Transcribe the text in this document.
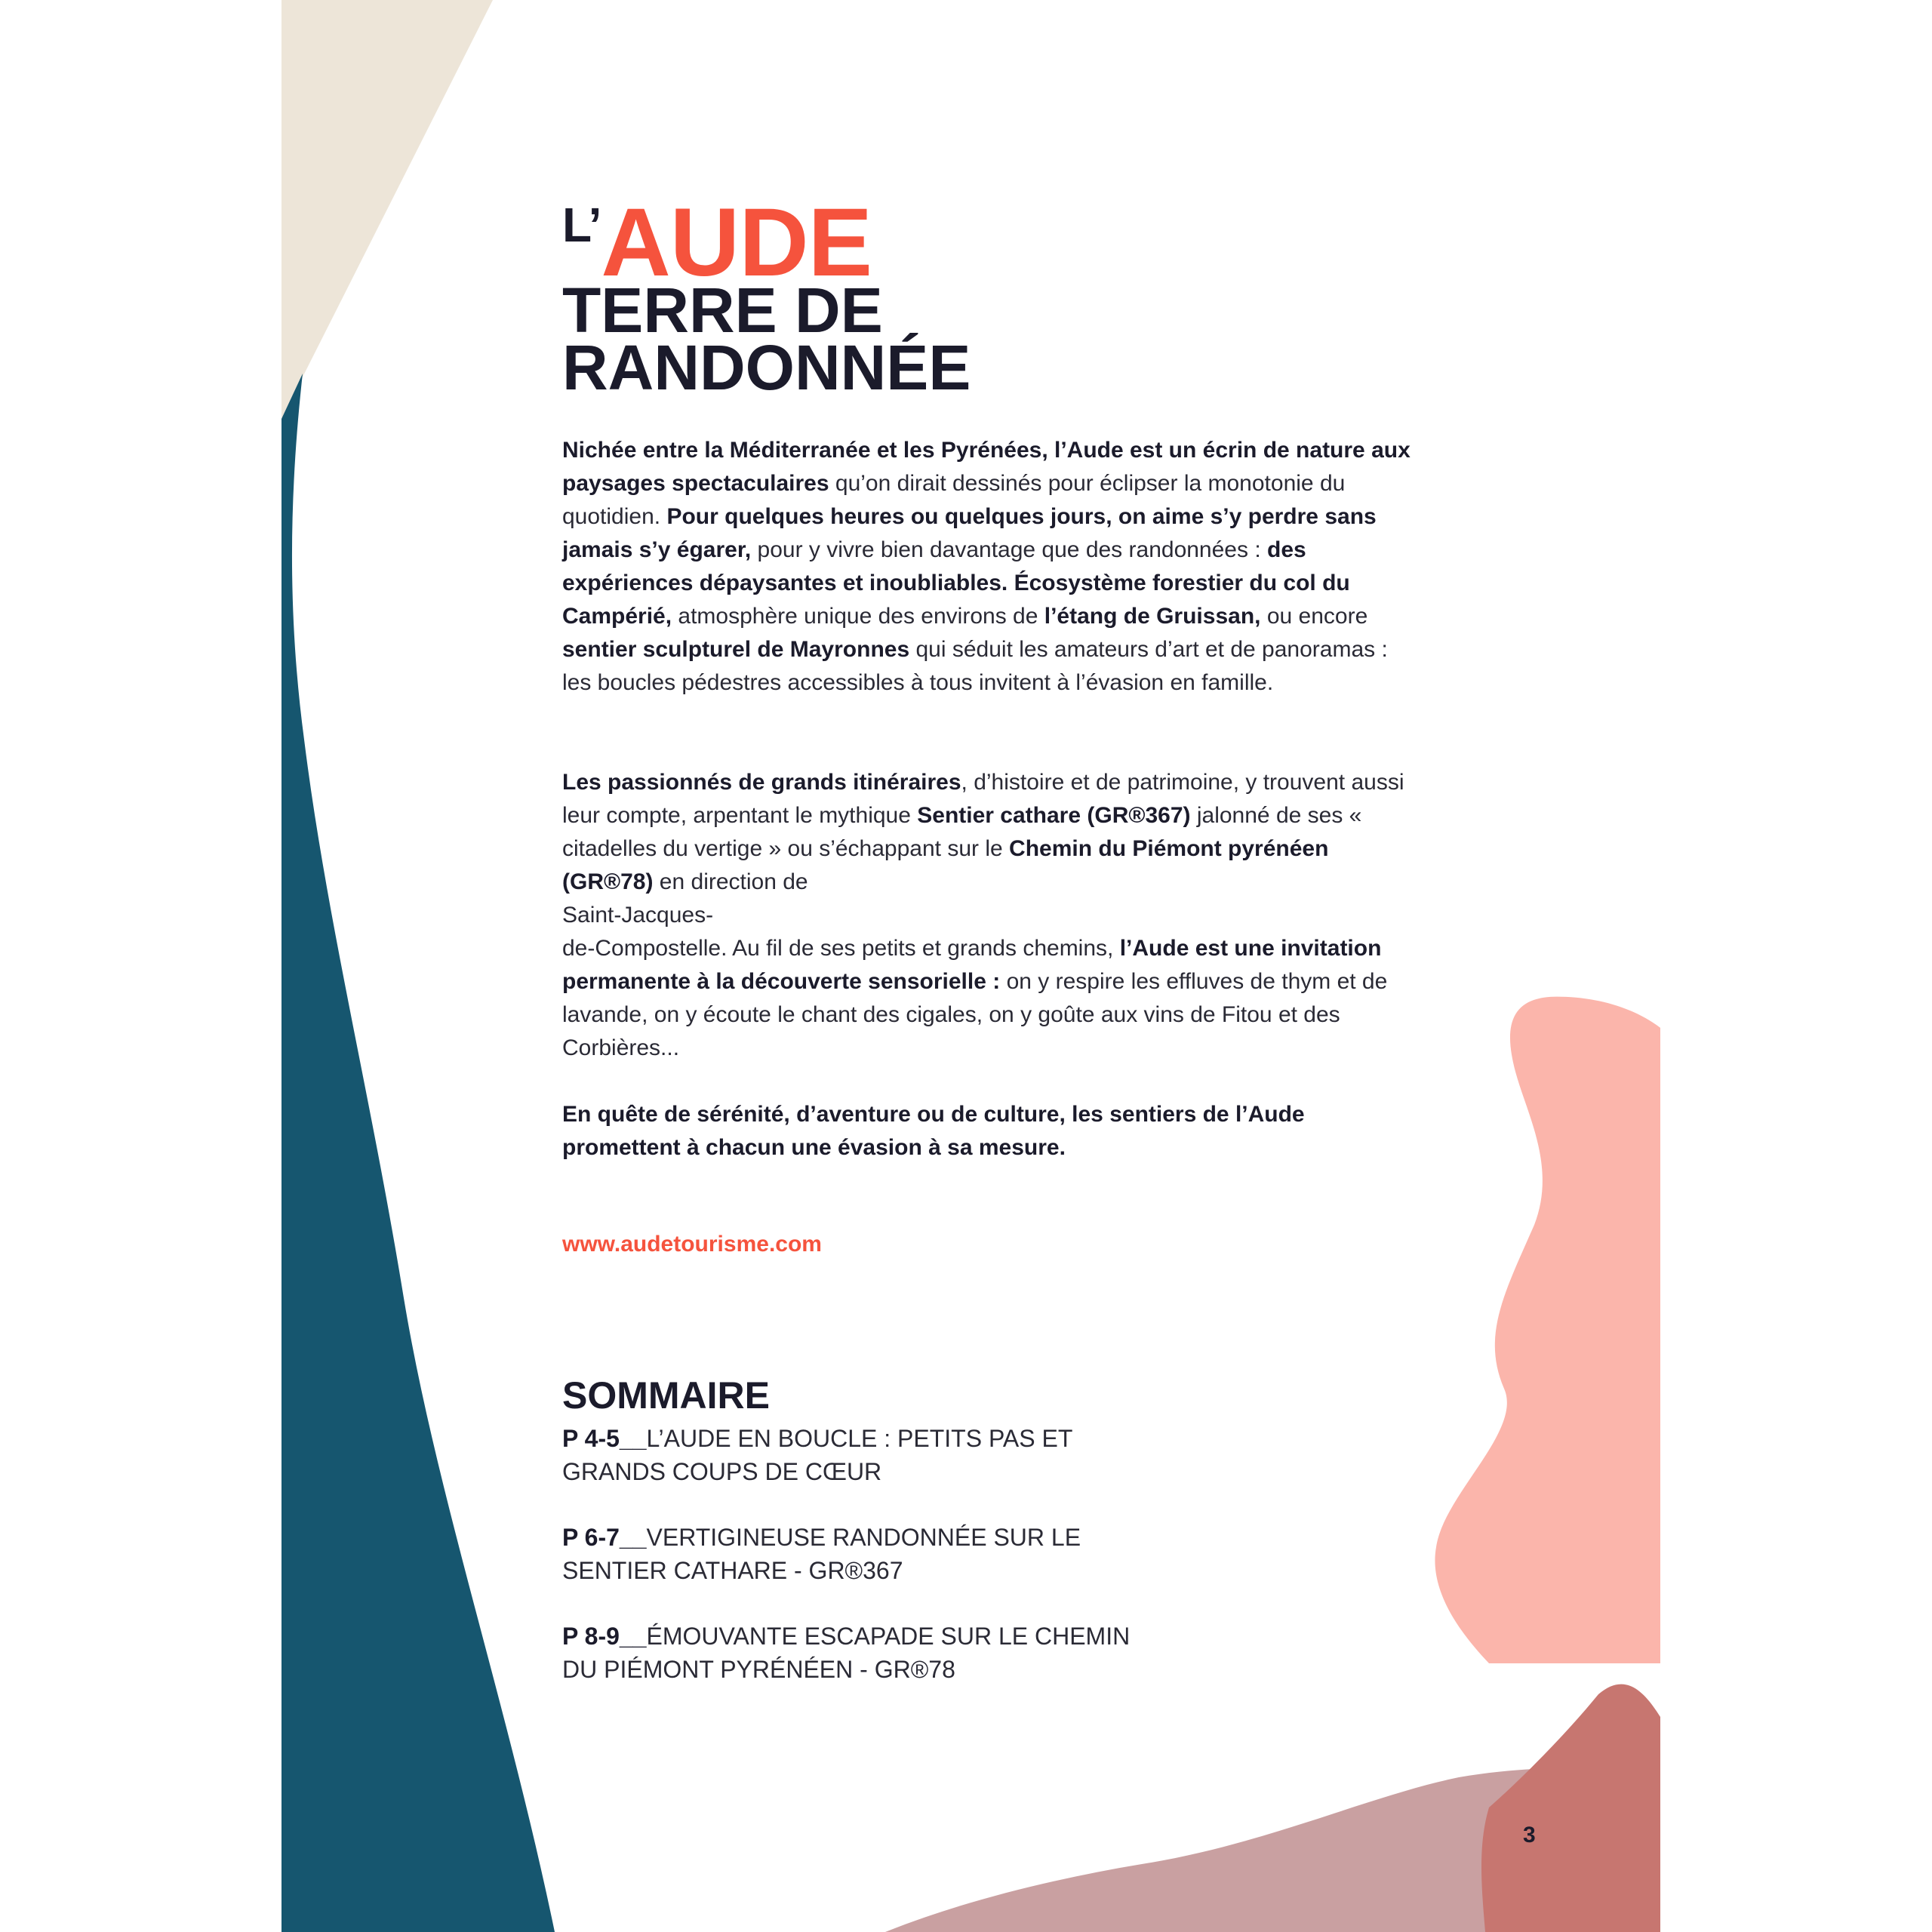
L’AUDE
TERRE DE
RANDONNÉE

Nichée entre la Méditerranée et les Pyrénées, l’Aude est un écrin de nature aux paysages spectaculaires qu’on dirait dessinés pour éclipser la monotonie du quotidien. Pour quelques heures ou quelques jours, on aime s’y perdre sans jamais s’y égarer, pour y vivre bien davantage que des randonnées : des expériences dépaysantes et inoubliables. Écosystème forestier du col du Campérié, atmosphère unique des environs de l’étang de Gruissan, ou encore sentier sculpturel de Mayronnes qui séduit les amateurs d’art et de panoramas : les boucles pédestres accessibles à tous invitent à l’évasion en famille.

Les passionnés de grands itinéraires, d’histoire et de patrimoine, y trouvent aussi leur compte, arpentant le mythique Sentier cathare (GR®367) jalonné de ses « citadelles du vertige » ou s’échappant sur le Chemin du Piémont pyrénéen (GR®78) en direction de
Saint-Jacques-
de-Compostelle. Au fil de ses petits et grands chemins, l’Aude est une invitation permanente à la découverte sensorielle : on y respire les effluves de thym et de lavande, on y écoute le chant des cigales, on y goûte aux vins de Fitou et des Corbières...

En quête de sérénité, d’aventure ou de culture, les sentiers de l’Aude promettent à chacun une évasion à sa mesure.

www.audetourisme.com
SOMMAIRE
P 4-5__L’AUDE EN BOUCLE : PETITS PAS ET GRANDS COUPS DE CŒUR
P 6-7__VERTIGINEUSE RANDONNÉE SUR LE SENTIER CATHARE - GR®367
P 8-9__ÉMOUVANTE ESCAPADE SUR LE CHEMIN DU PIÉMONT PYRÉNÉEN - GR®78
3
